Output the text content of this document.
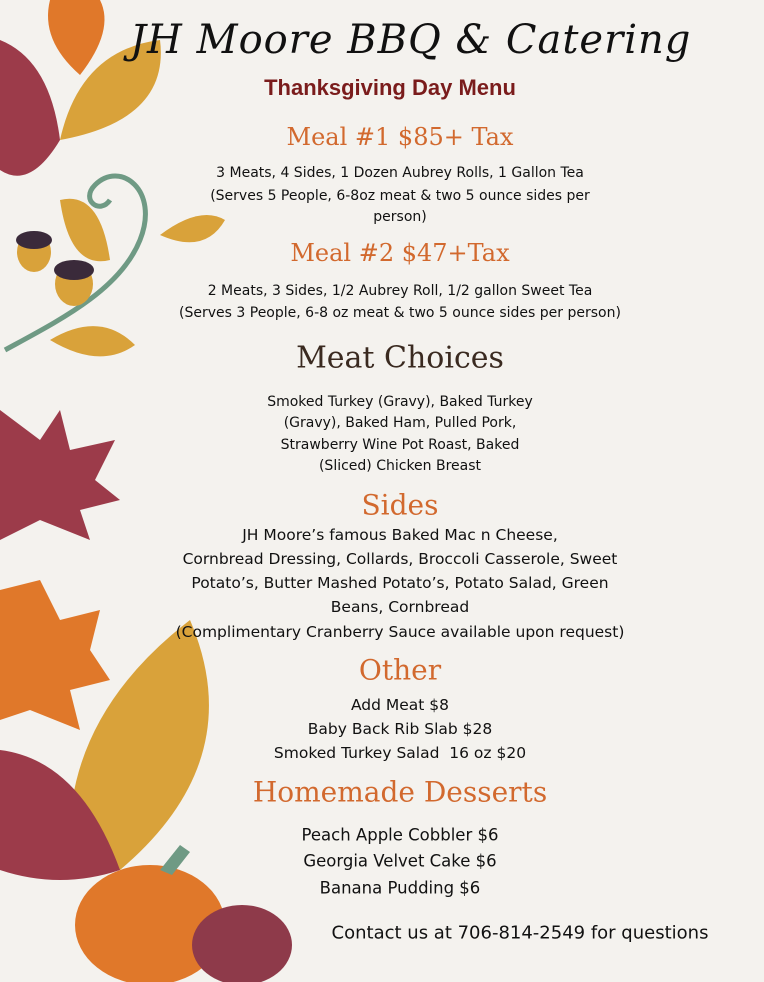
JH Moore BBQ & Catering
Thanksgiving Day Menu
Meal #1 $85+ Tax
3 Meats, 4 Sides, 1 Dozen Aubrey Rolls, 1 Gallon Tea
(Serves 5 People, 6-8oz meat & two 5 ounce sides per
person)
Meal #2 $47+Tax
2 Meats, 3 Sides, 1/2 Aubrey Roll, 1/2 gallon Sweet Tea
(Serves 3 People, 6-8 oz meat & two 5 ounce sides per person)
Meat Choices
Smoked Turkey (Gravy), Baked Turkey
(Gravy), Baked Ham, Pulled Pork,
Strawberry Wine Pot Roast, Baked
(Sliced) Chicken Breast
Sides
JH Moore’s famous Baked Mac n Cheese,
Cornbread Dressing, Collards, Broccoli Casserole, Sweet
Potato’s, Butter Mashed Potato’s, Potato Salad, Green
Beans, Cornbread
(Complimentary Cranberry Sauce available upon request)
Other
Add Meat $8
Baby Back Rib Slab $28
Smoked Turkey Salad  16 oz $20
Homemade Desserts
Peach Apple Cobbler $6
Georgia Velvet Cake $6
Banana Pudding $6
Contact us at 706-814-2549 for questions
